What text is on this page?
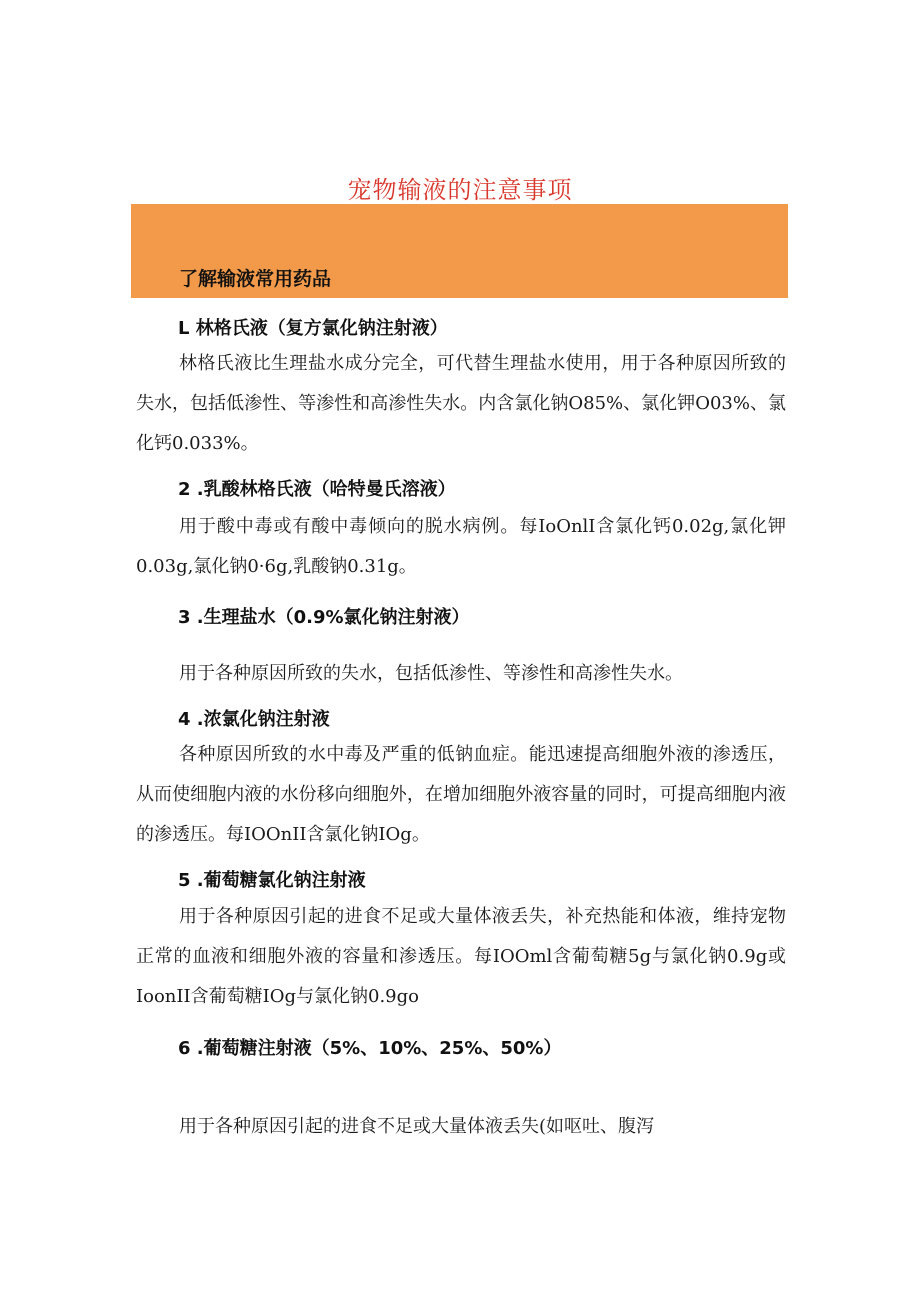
宠物输液的注意事项
了解输液常用药品
L 林格氏液（复方氯化钠注射液）
林格氏液比生理盐水成分完全，可代替生理盐水使用，用于各种原因所致的失水，包括低渗性、等渗性和高渗性失水。内含氯化钠O85%、氯化钾O03%、氯化钙0.033%。
2 .乳酸林格氏液（哈特曼氏溶液）
用于酸中毒或有酸中毒倾向的脱水病例。每IoOnlI含氯化钙0.02g,氯化钾0.03g,氯化钠0·6g,乳酸钠0.31g。
3 .生理盐水（0.9%氯化钠注射液）
用于各种原因所致的失水，包括低渗性、等渗性和高渗性失水。
4 .浓氯化钠注射液
各种原因所致的水中毒及严重的低钠血症。能迅速提高细胞外液的渗透压，从而使细胞内液的水份移向细胞外，在增加细胞外液容量的同时，可提高细胞内液的渗透压。每IOOnII含氯化钠IOg。
5 .葡萄糖氯化钠注射液
用于各种原因引起的进食不足或大量体液丢失，补充热能和体液，维持宠物正常的血液和细胞外液的容量和渗透压。每IOOml含葡萄糖5g与氯化钠0.9g或IoonII含葡萄糖IOg与氯化钠0.9go
6 .葡萄糖注射液（5%、10%、25%、50%）
用于各种原因引起的进食不足或大量体液丢失(如呕吐、腹泻
